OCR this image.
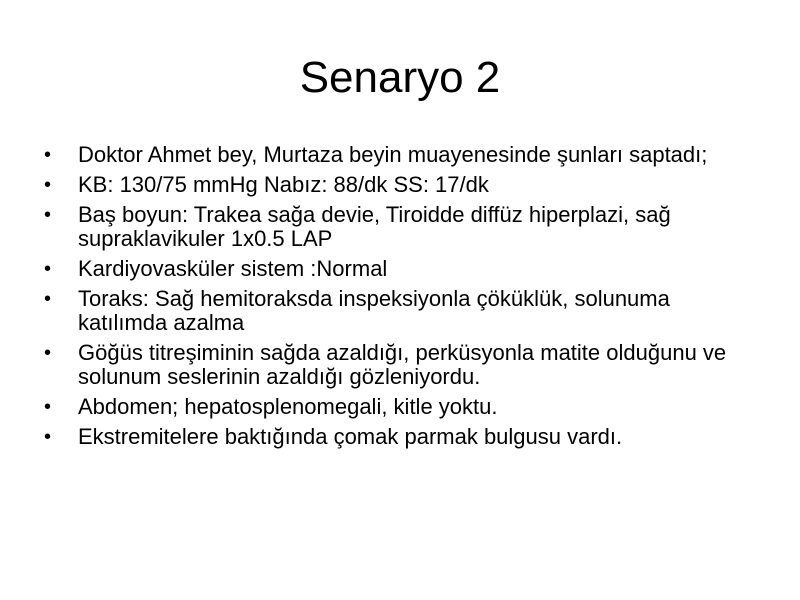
Senaryo 2
•	Doktor Ahmet bey, Murtaza beyin muayenesinde şunları saptadı;
•	KB: 130/75 mmHg Nabız: 88/dk SS: 17/dk
•	Baş boyun: Trakea sağa devie, Tiroidde diffüz hiperplazi, sağ supraklavikuler 1x0.5 LAP
•	Kardiyovasküler sistem :Normal
•	Toraks: Sağ hemitoraksda inspeksiyonla çöküklük, solunuma katılımda azalma
•	Göğüs titreşiminin sağda azaldığı, perküsyonla matite olduğunu ve solunum seslerinin azaldığı gözleniyordu.
•	Abdomen; hepatosplenomegali, kitle yoktu.
•	Ekstremitelere baktığında çomak parmak bulgusu vardı.
